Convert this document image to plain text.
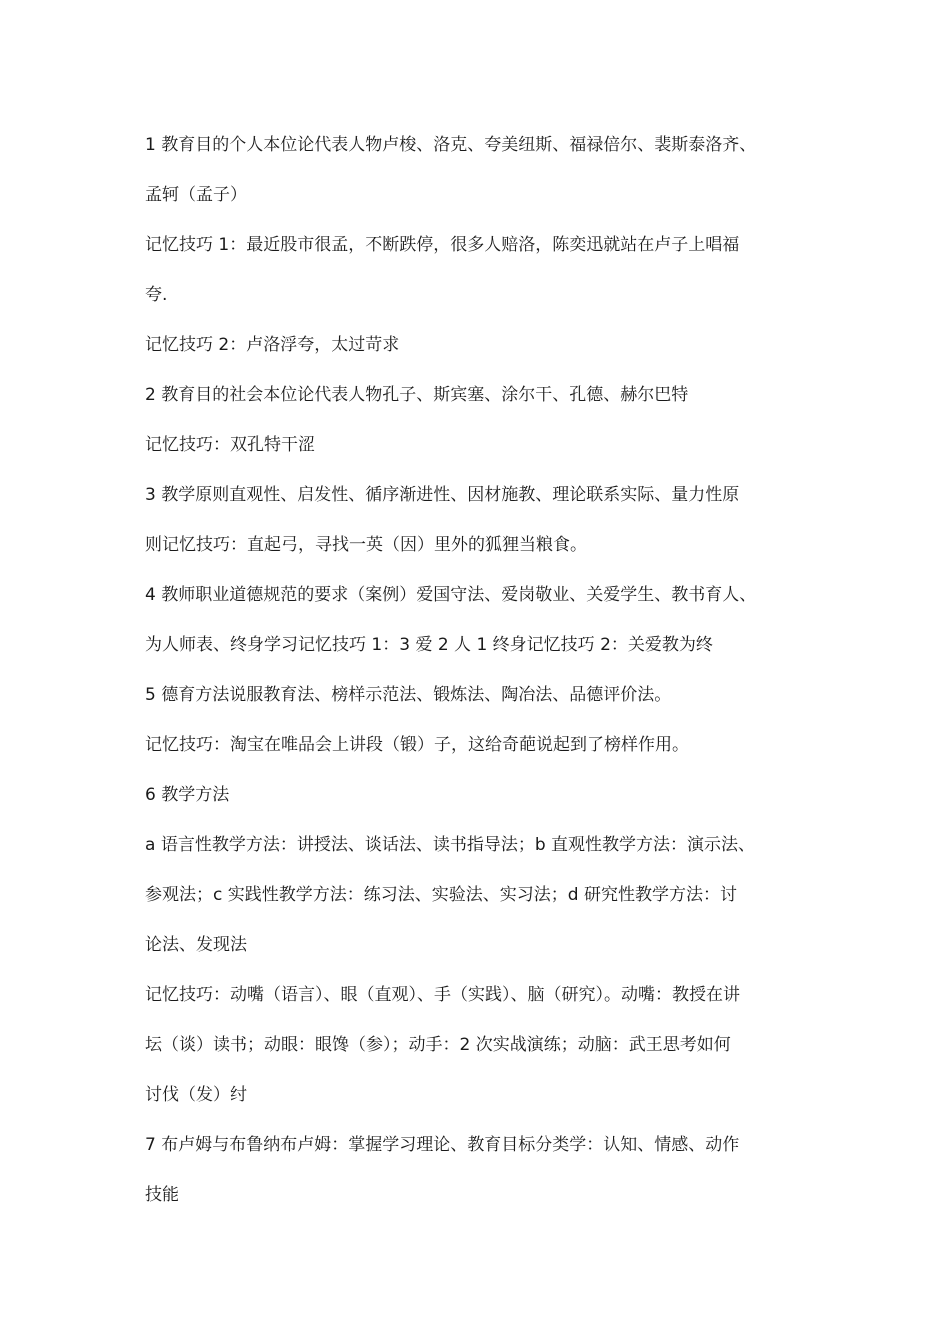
1 教育目的个人本位论代表人物卢梭、洛克、夸美纽斯、福禄倍尔、裴斯泰洛齐、

孟轲（孟子）

记忆技巧 1：最近股市很孟，不断跌停，很多人赔洛，陈奕迅就站在卢子上唱福

夸.

记忆技巧 2：卢洛浮夸，太过苛求

2 教育目的社会本位论代表人物孔子、斯宾塞、涂尔干、孔德、赫尔巴特

记忆技巧：双孔特干涩

3 教学原则直观性、启发性、循序渐进性、因材施教、理论联系实际、量力性原

则记忆技巧：直起弓，寻找一英（因）里外的狐狸当粮食。

4 教师职业道德规范的要求（案例）爱国守法、爱岗敬业、关爱学生、教书育人、

为人师表、终身学习记忆技巧 1：3 爱 2 人 1 终身记忆技巧 2：关爱教为终

5 德育方法说服教育法、榜样示范法、锻炼法、陶冶法、品德评价法。

记忆技巧：淘宝在唯品会上讲段（锻）子，这给奇葩说起到了榜样作用。

6 教学方法

a 语言性教学方法：讲授法、谈话法、读书指导法；b 直观性教学方法：演示法、

参观法；c 实践性教学方法：练习法、实验法、实习法；d 研究性教学方法：讨

论法、发现法

记忆技巧：动嘴（语言）、眼（直观）、手（实践）、脑（研究）。动嘴：教授在讲

坛（谈）读书；动眼：眼馋（参）；动手：2 次实战演练；动脑：武王思考如何

讨伐（发）纣

7 布卢姆与布鲁纳布卢姆：掌握学习理论、教育目标分类学：认知、情感、动作

技能
